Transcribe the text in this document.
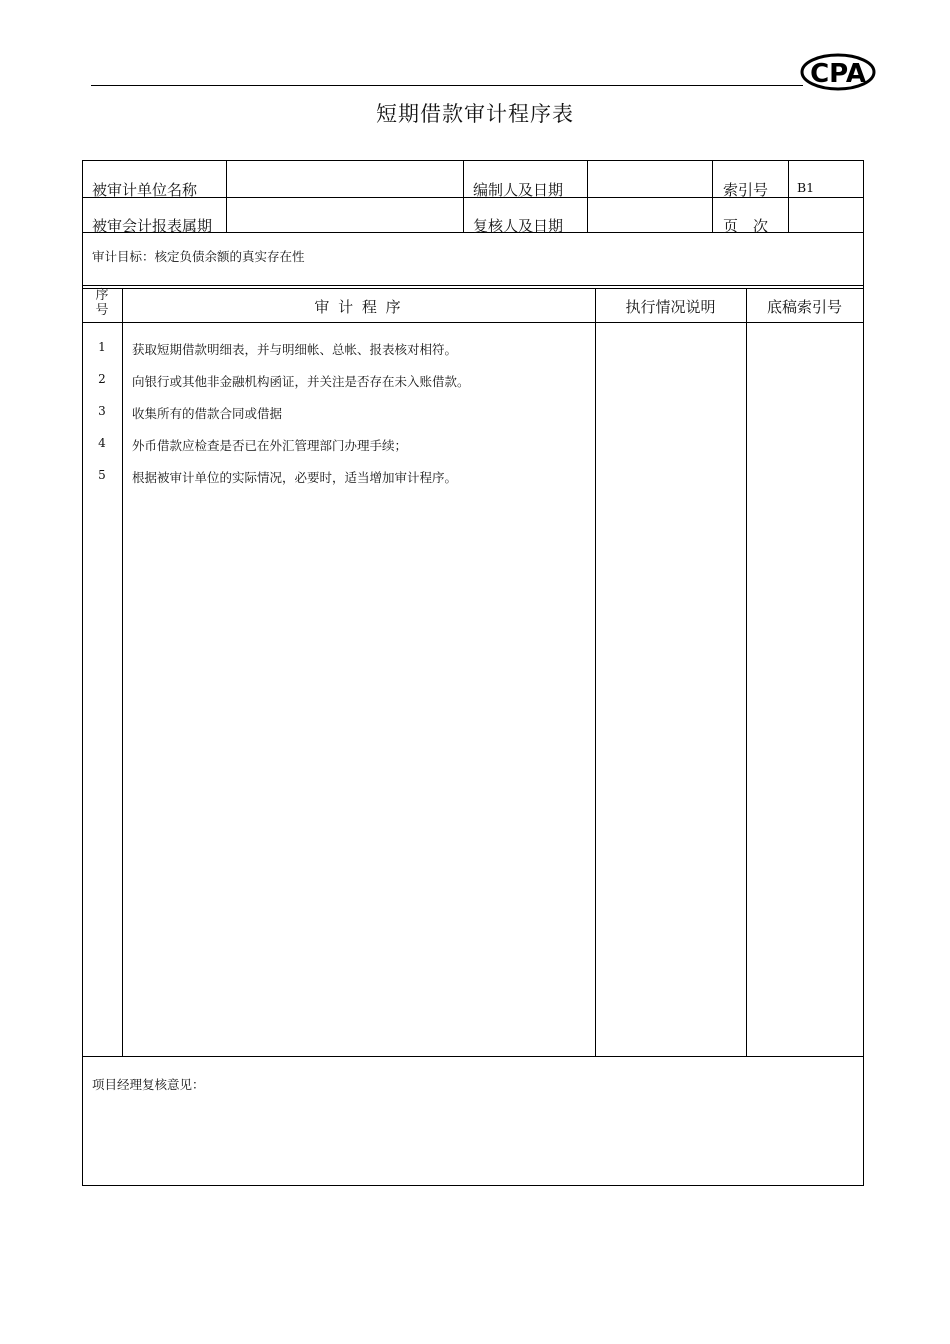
CPA
短期借款审计程序表
被审计单位名称	编制人及日期	索引号 B1
被审会计报表属期	复核人及日期	页　次
审计目标：核定负债余额的真实存在性
序
号	审 计 程 序	执行情况说明	底稿索引号
1	获取短期借款明细表，并与明细帐、总帐、报表核对相符。
2	向银行或其他非金融机构函证，并关注是否存在未入账借款。
3	收集所有的借款合同或借据
4	外币借款应检查是否已在外汇管理部门办理手续；
5	根据被审计单位的实际情况，必要时，适当增加审计程序。
项目经理复核意见：
